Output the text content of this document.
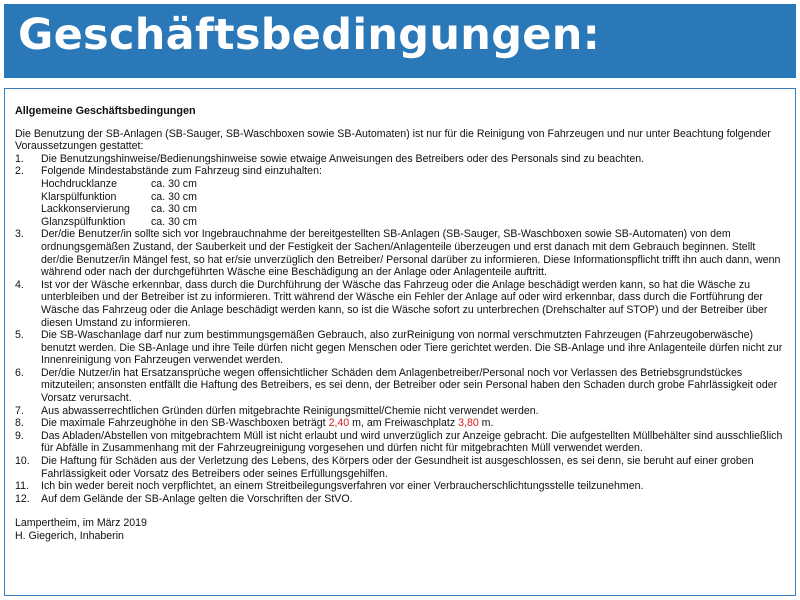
Geschäftsbedingungen:
Allgemeine Geschäftsbedingungen
Die Benutzung der SB-Anlagen (SB-Sauger, SB-Waschboxen sowie SB-Automaten) ist nur für die Reinigung von Fahrzeugen und nur unter Beachtung folgender Voraussetzungen gestattet:
1. Die Benutzungshinweise/Bedienungshinweise sowie etwaige Anweisungen des Betreibers oder des Personals sind zu beachten.
2. Folgende Mindestabstände zum Fahrzeug sind einzuhalten:
Hochdrucklanze	ca. 30 cm
Klarspülfunktion	ca. 30 cm
Lackkonservierung	ca. 30 cm
Glanzspülfunktion	ca. 30 cm
3. Der/die Benutzer/in sollte sich vor Ingebrauchnahme der bereitgestellten SB-Anlagen (SB-Sauger, SB-Waschboxen sowie SB-Automaten) von dem ordnungsgemäßen Zustand, der Sauberkeit und der Festigkeit der Sachen/Anlagenteile überzeugen und erst danach mit dem Gebrauch beginnen. Stellt der/die Benutzer/in Mängel fest, so hat er/sie unverzüglich den Betreiber/ Personal darüber zu informieren. Diese Informationspflicht trifft ihn auch dann, wenn während oder nach der durchgeführten Wäsche eine Beschädigung an der Anlage oder Anlagenteile auftritt.
4. Ist vor der Wäsche erkennbar, dass durch die Durchführung der Wäsche das Fahrzeug oder die Anlage beschädigt werden kann, so hat die Wäsche zu unterbleiben und der Betreiber ist zu informieren. Tritt während der Wäsche ein Fehler der Anlage auf oder wird erkennbar, dass durch die Fortführung der Wäsche das Fahrzeug oder die Anlage beschädigt werden kann, so ist die Wäsche sofort zu unterbrechen (Drehschalter auf STOP) und der Betreiber über diesen Umstand zu informieren.
5. Die SB-Waschanlage darf nur zum bestimmungsgemäßen Gebrauch, also zurReinigung von normal verschmutzten Fahrzeugen (Fahrzeugoberwäsche) benutzt werden. Die SB-Anlage und ihre Teile dürfen nicht gegen Menschen oder Tiere gerichtet werden. Die SB-Anlage und ihre Anlagenteile dürfen nicht zur Innenreinigung von Fahrzeugen verwendet werden.
6. Der/die Nutzer/in hat Ersatzansprüche wegen offensichtlicher Schäden dem Anlagenbetreiber/Personal noch vor Verlassen des Betriebsgrundstückes mitzuteilen; ansonsten entfällt die Haftung des Betreibers, es sei denn, der Betreiber oder sein Personal haben den Schaden durch grobe Fahrlässigkeit oder Vorsatz verursacht.
7. Aus abwasserrechtlichen Gründen dürfen mitgebrachte Reinigungsmittel/Chemie nicht verwendet werden.
8. Die maximale Fahrzeughöhe in den SB-Waschboxen beträgt 2,40 m, am Freiwaschplatz 3,80 m.
9. Das Abladen/Abstellen von mitgebrachtem Müll ist nicht erlaubt und wird unverzüglich zur Anzeige gebracht. Die aufgestellten Müllbehälter sind ausschließlich für Abfälle in Zusammenhang mit der Fahrzeugreinigung vorgesehen und dürfen nicht für mitgebrachten Müll verwendet werden.
10. Die Haftung für Schäden aus der Verletzung des Lebens, des Körpers oder der Gesundheit ist ausgeschlossen, es sei denn, sie beruht auf einer groben Fahrlässigkeit oder Vorsatz des Betreibers oder seines Erfüllungsgehilfen.
11. Ich bin weder bereit noch verpflichtet, an einem Streitbeilegungsverfahren vor einer Verbraucherschlichtungsstelle teilzunehmen.
12. Auf dem Gelände der SB-Anlage gelten die Vorschriften der StVO.
Lampertheim, im März 2019
H. Giegerich, Inhaberin
